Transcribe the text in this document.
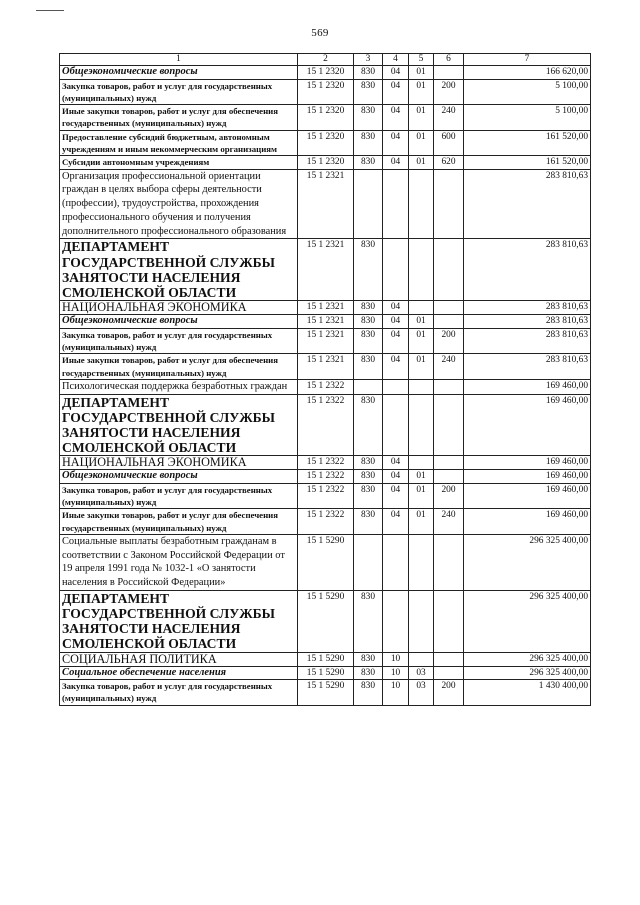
569
1	2	3	4	5	6	7
Общеэкономические вопросы	15 1 2320	830	04	01		166 620,00
Закупка товаров, работ и услуг для государственных (муниципальных) нужд	15 1 2320	830	04	01	200	5 100,00
Иные закупки товаров, работ и услуг для обеспечения государственных (муниципальных) нужд	15 1 2320	830	04	01	240	5 100,00
Предоставление субсидий бюджетным, автономным учреждениям и иным некоммерческим организациям	15 1 2320	830	04	01	600	161 520,00
Субсидии автономным учреждениям	15 1 2320	830	04	01	620	161 520,00
Организация профессиональной ориентации граждан в целях выбора сферы деятельности (профессии), трудоустройства, прохождения профессионального обучения и получения дополнительного профессионального образования	15 1 2321					283 810,63
ДЕПАРТАМЕНТ ГОСУДАРСТВЕННОЙ СЛУЖБЫ ЗАНЯТОСТИ НАСЕЛЕНИЯ СМОЛЕНСКОЙ ОБЛАСТИ	15 1 2321	830				283 810,63
НАЦИОНАЛЬНАЯ ЭКОНОМИКА	15 1 2321	830	04			283 810,63
Общеэкономические вопросы	15 1 2321	830	04	01		283 810,63
Закупка товаров, работ и услуг для государственных (муниципальных) нужд	15 1 2321	830	04	01	200	283 810,63
Иные закупки товаров, работ и услуг для обеспечения государственных (муниципальных) нужд	15 1 2321	830	04	01	240	283 810,63
Психологическая поддержка безработных граждан	15 1 2322					169 460,00
ДЕПАРТАМЕНТ ГОСУДАРСТВЕННОЙ СЛУЖБЫ ЗАНЯТОСТИ НАСЕЛЕНИЯ СМОЛЕНСКОЙ ОБЛАСТИ	15 1 2322	830				169 460,00
НАЦИОНАЛЬНАЯ ЭКОНОМИКА	15 1 2322	830	04			169 460,00
Общеэкономические вопросы	15 1 2322	830	04	01		169 460,00
Закупка товаров, работ и услуг для государственных (муниципальных) нужд	15 1 2322	830	04	01	200	169 460,00
Иные закупки товаров, работ и услуг для обеспечения государственных (муниципальных) нужд	15 1 2322	830	04	01	240	169 460,00
Социальные выплаты безработным гражданам в соответствии с Законом Российской Федерации от 19 апреля 1991 года № 1032-1 «О занятости населения в Российской Федерации»	15 1 5290					296 325 400,00
ДЕПАРТАМЕНТ ГОСУДАРСТВЕННОЙ СЛУЖБЫ ЗАНЯТОСТИ НАСЕЛЕНИЯ СМОЛЕНСКОЙ ОБЛАСТИ	15 1 5290	830				296 325 400,00
СОЦИАЛЬНАЯ ПОЛИТИКА	15 1 5290	830	10			296 325 400,00
Социальное обеспечение населения	15 1 5290	830	10	03		296 325 400,00
Закупка товаров, работ и услуг для государственных (муниципальных) нужд	15 1 5290	830	10	03	200	1 430 400,00
